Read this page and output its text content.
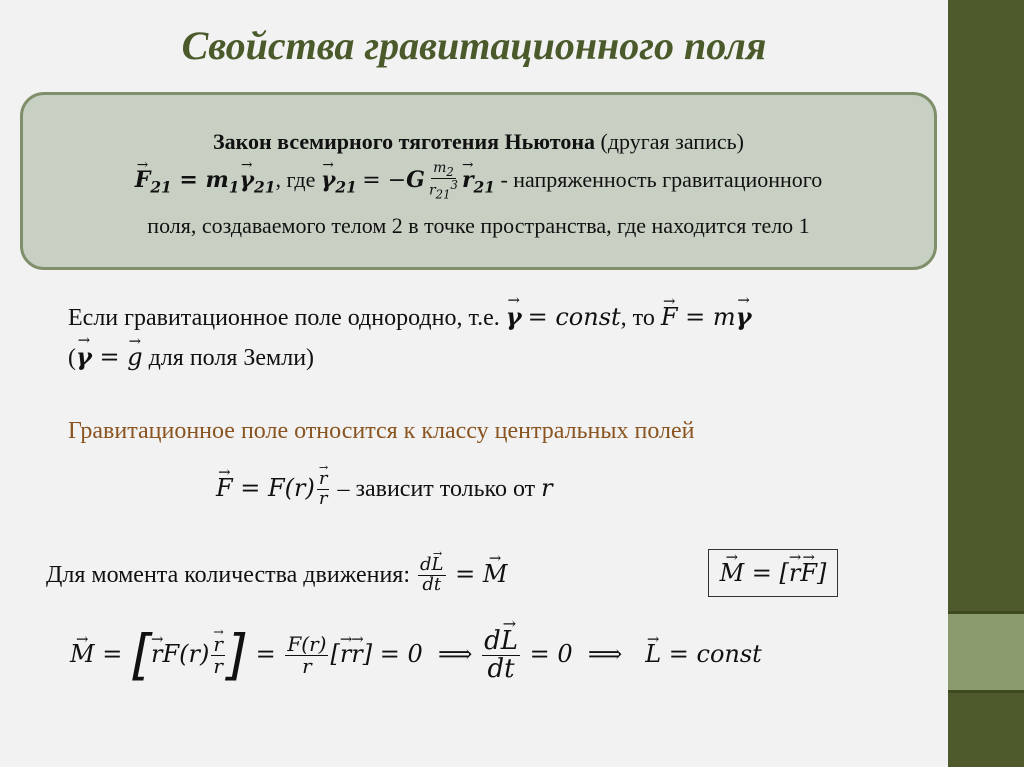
Свойства гравитационного поля
Закон всемирного тяготения Ньютона (другая запись)
→ $F_{21} = m_1\to \gamma_{21}$, где → $\gamma_{21} = -G \frac{m_2}{r_{21}^3}$
→ $r_{21}$ - напряженность гравитационного
поля, создаваемого телом 2 в точке пространства, где находится тело 1
Если гравитационное поле однородно, т.е. → γ = const, то → F = m→ γ
(→ γ = → g для поля Земли)
Гравитационное поле относится к классу центральных полей
→ F = F(r)
→ $\frac{r}{r}$ – зависит только от r
Для момента количества движения: $\frac{d\to L}{dt}$ = → M
→	M = [→ r→ F]
→ M = [→ rF(r)
→ $\frac{r}{r}$ ] = $\frac{F(r)}{r}$ [→ r→ r] = 0  ⟹ $\frac{d\to L}{dt} = 0$  ⟹   → L = const
